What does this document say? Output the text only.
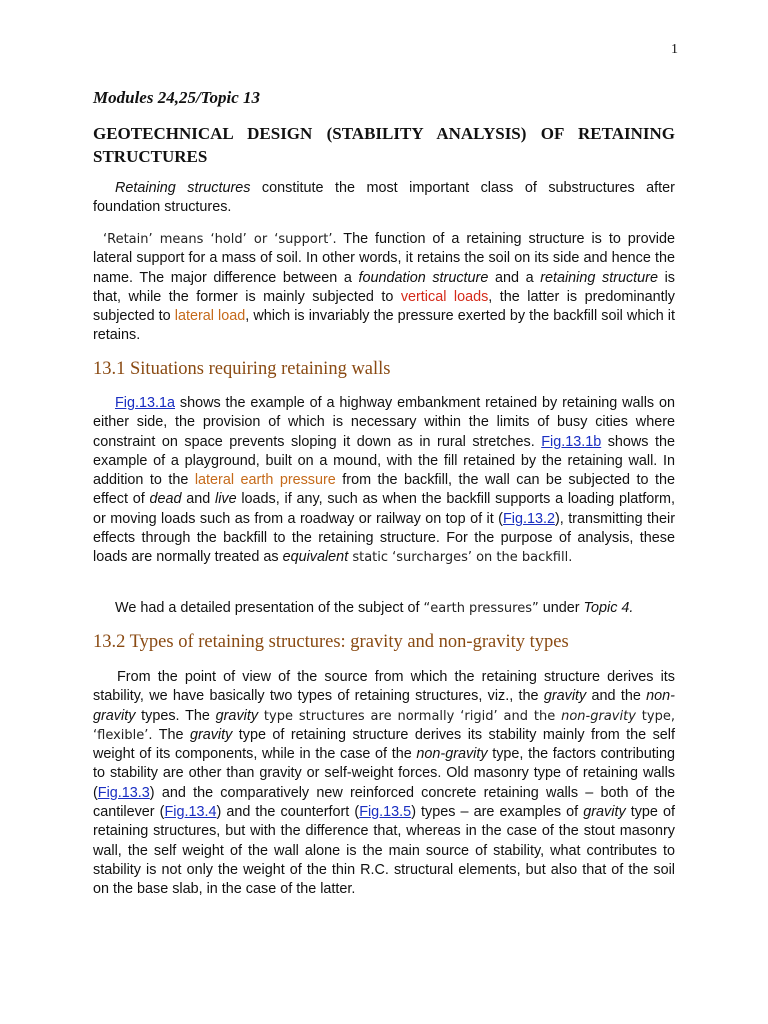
1
Modules 24,25/Topic 13
GEOTECHNICAL DESIGN (STABILITY ANALYSIS) OF RETAINING STRUCTURES
Retaining structures constitute the most important class of substructures after foundation structures.
‘Retain’ means ‘hold’ or ‘support’. The function of a retaining structure is to provide lateral support for a mass of soil. In other words, it retains the soil on its side and hence the name. The major difference between a foundation structure and a retaining structure is that, while the former is mainly subjected to vertical loads, the latter is predominantly subjected to lateral load, which is invariably the pressure exerted by the backfill soil which it retains.
13.1 Situations requiring retaining walls
Fig.13.1a shows the example of a highway embankment retained by retaining walls on either side, the provision of which is necessary within the limits of busy cities where constraint on space prevents sloping it down as in rural stretches. Fig.13.1b shows the example of a playground, built on a mound, with the fill retained by the retaining wall. In addition to the lateral earth pressure from the backfill, the wall can be subjected to the effect of dead and live loads, if any, such as when the backfill supports a loading platform, or moving loads such as from a roadway or railway on top of it (Fig.13.2), transmitting their effects through the backfill to the retaining structure. For the purpose of analysis, these loads are normally treated as equivalent static ‘surcharges’ on the backfill.
We had a detailed presentation of the subject of “earth pressures” under Topic 4.
13.2 Types of retaining structures: gravity and non-gravity types
From the point of view of the source from which the retaining structure derives its stability, we have basically two types of retaining structures, viz., the gravity and the non-gravity types. The gravity type structures are normally ‘rigid’ and the non-gravity type, ‘flexible’. The gravity type of retaining structure derives its stability mainly from the self weight of its components, while in the case of the non-gravity type, the factors contributing to stability are other than gravity or self-weight forces. Old masonry type of retaining walls (Fig.13.3) and the comparatively new reinforced concrete retaining walls – both of the cantilever (Fig.13.4) and the counterfort (Fig.13.5) types – are examples of gravity type of retaining structures, but with the difference that, whereas in the case of the stout masonry wall, the self weight of the wall alone is the main source of stability, what contributes to stability is not only the weight of the thin R.C. structural elements, but also that of the soil on the base slab, in the case of the latter.
